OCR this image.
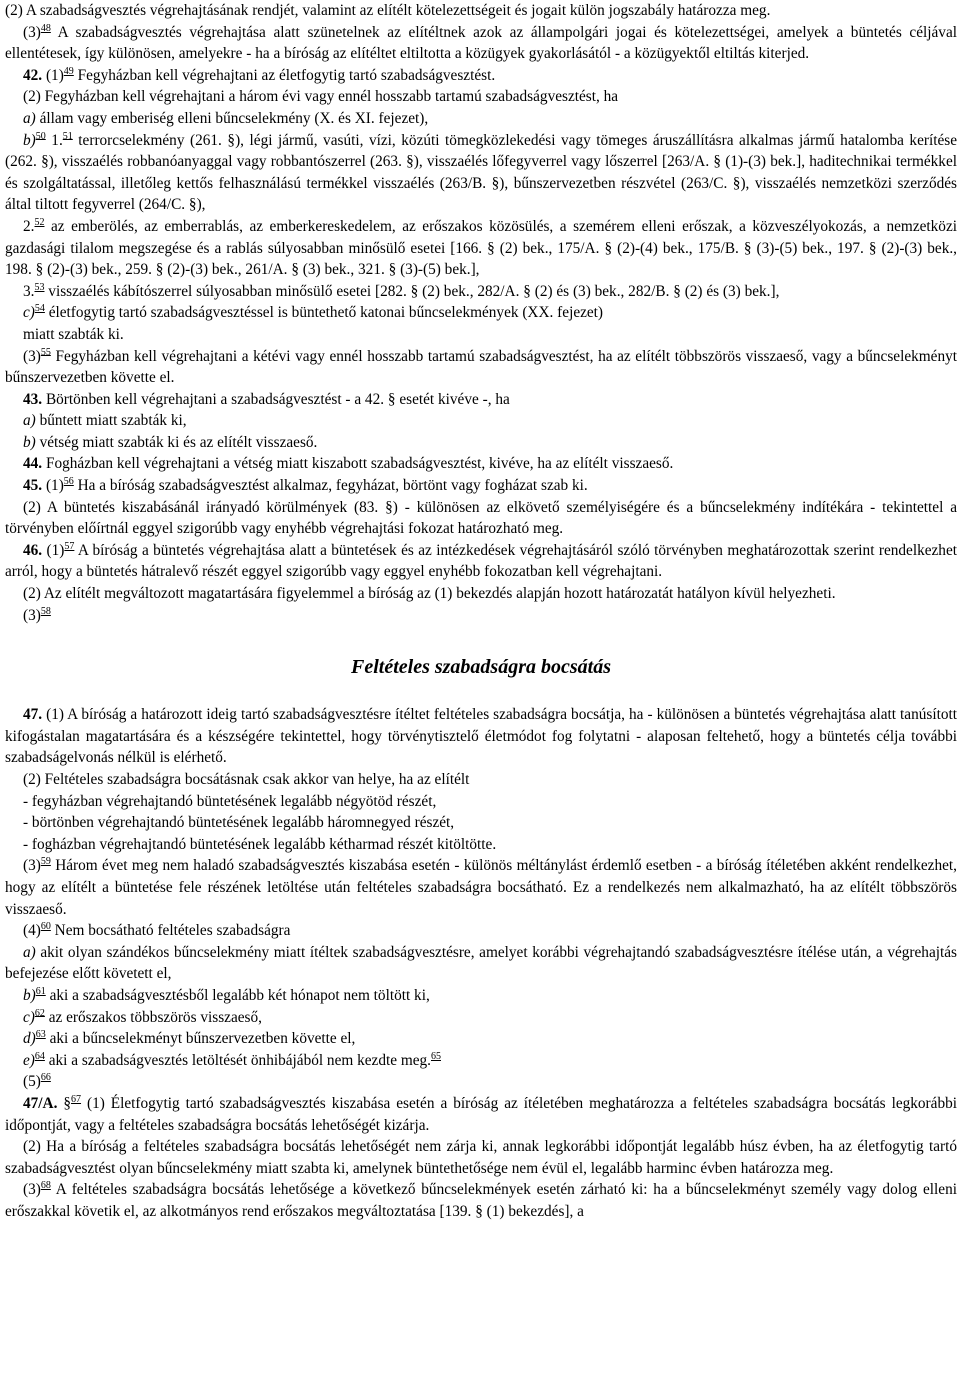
(2) A szabadságvesztés végrehajtásának rendjét, valamint az elítélt kötelezettségeit és jogait külön jogszabály határozza meg.

$(3)^{48}$ A szabadságvesztés végrehajtása alatt szünetelnek az elítéltnek azok az állampolgári jogai és kötelezettségei, amelyek a büntetés céljával ellentétesek, így különösen, amelyekre - ha a bíróság az elítéltet eltiltotta a közügyek gyakorlásától - a közügyektől eltiltás kiterjed.

42. $(1)^{49}$ Fegyházban kell végrehajtani az életfogytig tartó szabadságvesztést.

(2) Fegyházban kell végrehajtani a három évi vagy ennél hosszabb tartamú szabadságvesztést, ha

a) állam vagy emberiség elleni bűncselekmény (X. és XI. fejezet),

b)$^{50}$ 1.51 terrorcselekmény (261. §), légi jármű, vasúti, vízi, közúti tömegközlekedési vagy tömeges áruszállításra alkalmas jármű hatalomba kerítése (262. §), visszaélés robbanóanyaggal vagy robbantószerrel (263. §), visszaélés lőfegyverrel vagy lőszerrel [263/A. § (1)-(3) bek.], haditechnikai termékkel és szolgáltatással, illetőleg kettős felhasználású termékkel visszaélés (263/B. §), bűnszervezetben részvétel (263/C. §), visszaélés nemzetközi szerződés által tiltott fegyverrel (264/C. §),

2.52 az emberölés, az emberrablás, az emberkereskedelem, az erőszakos közösülés, a szemérem elleni erőszak, a közveszélyokozás, a nemzetközi gazdasági tilalom megszegése és a rablás súlyosabban minősülő esetei [166. § (2) bek., 175/A. § (2)-(4) bek., 175/B. § (3)-(5) bek., 197. § (2)-(3) bek., 198. § (2)-(3) bek., 259. § (2)-(3) bek., 261/A. § (3) bek., 321. § (3)-(5) bek.],

3.53 visszaélés kábítószerrel súlyosabban minősülő esetei [282. § (2) bek., 282/A. § (2) és (3) bek., 282/B. § (2) és (3) bek.],

c)$^{54}$ életfogytig tartó szabadságvesztéssel is büntethető katonai bűncselekmények (XX. fejezet)

miatt szabták ki.

$(3)^{55}$ Fegyházban kell végrehajtani a kétévi vagy ennél hosszabb tartamú szabadságvesztést, ha az elítélt többszörös visszaeső, vagy a bűncselekményt bűnszervezetben követte el.

43. Börtönben kell végrehajtani a szabadságvesztést - a 42. § esetét kivéve -, ha

a) bűntett miatt szabták ki,

b) vétség miatt szabták ki és az elítélt visszaeső.

44. Fogházban kell végrehajtani a vétség miatt kiszabott szabadságvesztést, kivéve, ha az elítélt visszaeső.

45. $(1)^{56}$ Ha a bíróság szabadságvesztést alkalmaz, fegyházat, börtönt vagy fogházat szab ki.

(2) A büntetés kiszabásánál irányadó körülmények (83. §) - különösen az elkövető személyiségére és a bűncselekmény indítékára - tekintettel a törvényben előírtnál eggyel szigorúbb vagy enyhébb végrehajtási fokozat határozható meg.

46. $(1)^{57}$ A bíróság a büntetés végrehajtása alatt a büntetések és az intézkedések végrehajtásáról szóló törvényben meghatározottak szerint rendelkezhet arról, hogy a büntetés hátralevő részét eggyel szigorúbb vagy eggyel enyhébb fokozatban kell végrehajtani.

(2) Az elítélt megváltozott magatartására figyelemmel a bíróság az (1) bekezdés alapján hozott határozatát hatályon kívül helyezheti.

$(3)^{58}$

Feltételes szabadságra bocsátás

47. (1) A bíróság a határozott ideig tartó szabadságvesztésre ítéltet feltételes szabadságra bocsátja, ha - különösen a büntetés végrehajtása alatt tanúsított kifogástalan magatartására és a készségére tekintettel, hogy törvénytisztelő életmódot fog folytatni - alaposan feltehető, hogy a büntetés célja további szabadságelvonás nélkül is elérhető.

(2) Feltételes szabadságra bocsátásnak csak akkor van helye, ha az elítélt

- fegyházban végrehajtandó büntetésének legalább négyötöd részét,

- börtönben végrehajtandó büntetésének legalább háromnegyed részét,

- fogházban végrehajtandó büntetésének legalább kétharmad részét kitöltötte.

$(3)^{59}$ Három évet meg nem haladó szabadságvesztés kiszabása esetén - különös méltánylást érdemlő esetben - a bíróság ítéletében akként rendelkezhet, hogy az elítélt a büntetése fele részének letöltése után feltételes szabadságra bocsátható. Ez a rendelkezés nem alkalmazható, ha az elítélt többszörös visszaeső.

$(4)^{60}$ Nem bocsátható feltételes szabadságra

a) akit olyan szándékos bűncselekmény miatt ítéltek szabadságvesztésre, amelyet korábbi végrehajtandó szabadságvesztésre ítélése után, a végrehajtás befejezése előtt követett el,

b)$^{61}$ aki a szabadságvesztésből legalább két hónapot nem töltött ki,

c)$^{62}$ az erőszakos többszörös visszaeső,

d)$^{63}$ aki a bűncselekményt bűnszervezetben követte el,

e)$^{64}$ aki a szabadságvesztés letöltését önhibájából nem kezdte meg.$^{65}$

$(5)^{66}$

47/A. §$^{67}$ (1) Életfogytig tartó szabadságvesztés kiszabása esetén a bíróság az ítéletében meghatározza a feltételes szabadságra bocsátás legkorábbi időpontját, vagy a feltételes szabadságra bocsátás lehetőségét kizárja.

(2) Ha a bíróság a feltételes szabadságra bocsátás lehetőségét nem zárja ki, annak legkorábbi időpontját legalább húsz évben, ha az életfogytig tartó szabadságvesztést olyan bűncselekmény miatt szabta ki, amelynek büntethetősége nem évül el, legalább harminc évben határozza meg.

$(3)^{68}$ A feltételes szabadságra bocsátás lehetősége a következő bűncselekmények esetén zárható ki: ha a bűncselekményt személy vagy dolog elleni erőszakkal követik el, az alkotmányos rend erőszakos megváltoztatása [139. § (1) bekezdés], a
